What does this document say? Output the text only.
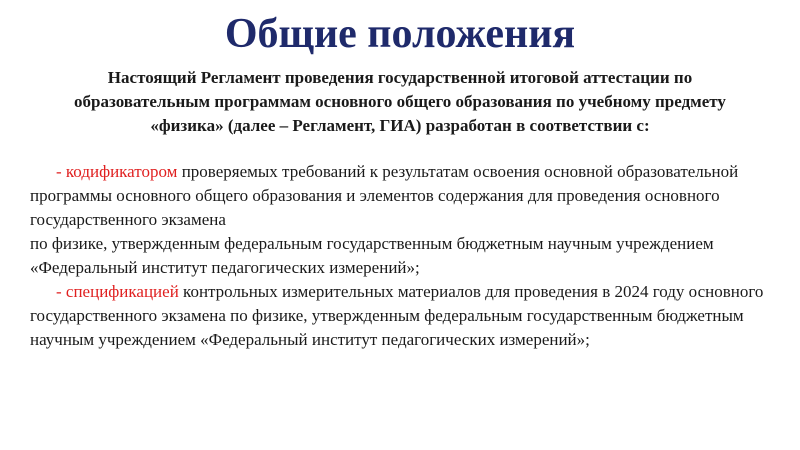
Общие положения

Настоящий Регламент проведения государственной итоговой аттестации по образовательным программам основного общего образования по учебному предмету «физика» (далее – Регламент, ГИА) разработан в соответствии с:

- кодификатором проверяемых требований к результатам освоения основной образовательной программы основного общего образования и элементов содержания для проведения основного государственного экзамена

по физике, утвержденным федеральным государственным бюджетным научным учреждением «Федеральный институт педагогических измерений»;

- спецификацией контрольных измерительных материалов для проведения в 2024 году основного государственного экзамена по физике, утвержденным федеральным государственным бюджетным научным учреждением «Федеральный институт педагогических измерений»;
